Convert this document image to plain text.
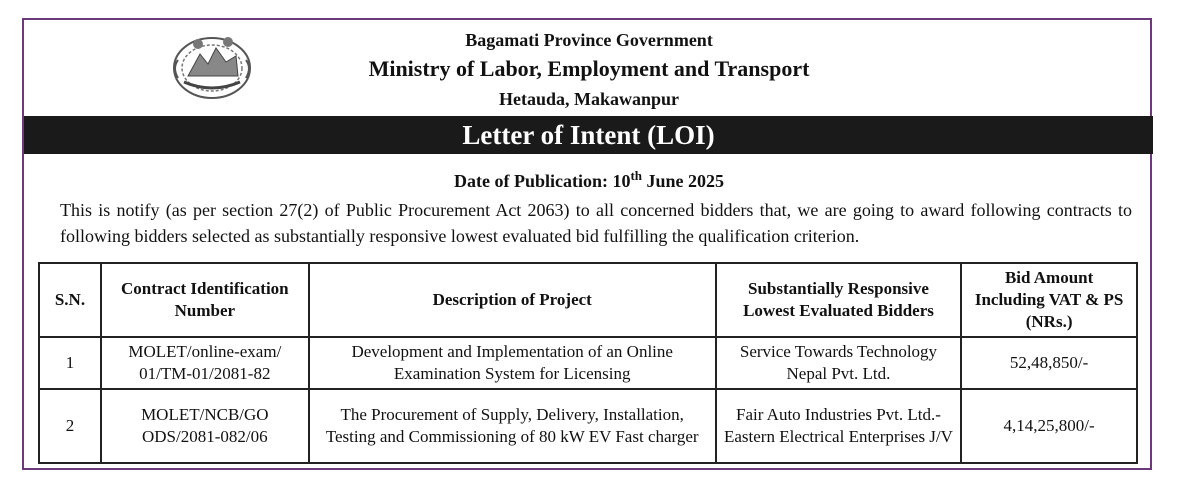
Bagamati Province Government
Ministry of Labor, Employment and Transport
Hetauda, Makawanpur
Letter of Intent (LOI)
Date of Publication: 10th June 2025
This is notify (as per section 27(2) of Public Procurement Act 2063) to all concerned bidders that, we are going to award following contracts to following bidders selected as substantially responsive lowest evaluated bid fulfilling the qualification criterion.
S.N.	Contract Identification Number	Description of Project	Substantially Responsive Lowest Evaluated Bidders	Bid Amount Including VAT & PS (NRs.)
1	MOLET/online-exam/ 01/TM-01/2081-82	Development and Implementation of an Online Examination System for Licensing	Service Towards Technology Nepal Pvt. Ltd.	52,48,850/-
2	MOLET/NCB/GO ODS/2081-082/06	The Procurement of Supply, Delivery, Installation, Testing and Commissioning of 80 kW EV Fast charger	Fair Auto Industries Pvt. Ltd.-Eastern Electrical Enterprises J/V	4,14,25,800/-
